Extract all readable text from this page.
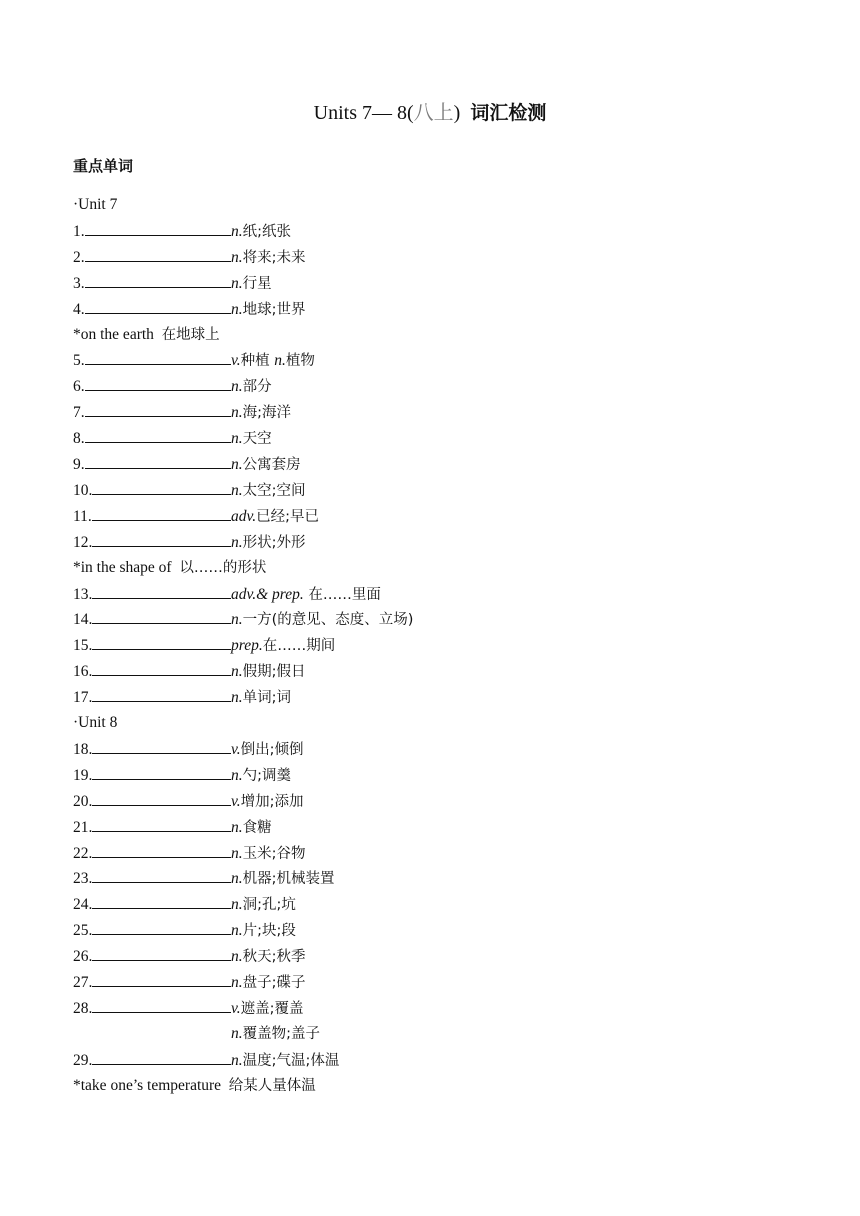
Units 7— 8(八上) 词汇检测
重点单词
·Unit 7
1.	n.纸;纸张
2.	n.将来;未来
3.	n.行星
4.	n.地球;世界
*on the earth 在地球上
5.	v.种植 n.植物
6.	n.部分
7.	n.海;海洋
8.	n.天空
9.	n.公寓套房
10.	n.太空;空间
11.	adv.已经;早已
12.	n.形状;外形
*in the shape of 以……的形状
13.	adv.& prep. 在……里面
14.	n.一方(的意见、态度、立场)
15.	prep.在……期间
16.	n.假期;假日
17.	n.单词;词
·Unit 8
18.	v.倒出;倾倒
19.	n.勺;调羹
20.	v.增加;添加
21.	n.食糖
22.	n.玉米;谷物
23.	n.机器;机械装置
24.	n.洞;孔;坑
25.	n.片;块;段
26.	n.秋天;秋季
27.	n.盘子;碟子
28.	v.遮盖;覆盖
n.覆盖物;盖子
29.	n.温度;气温;体温
*take one’s temperature 给某人量体温
